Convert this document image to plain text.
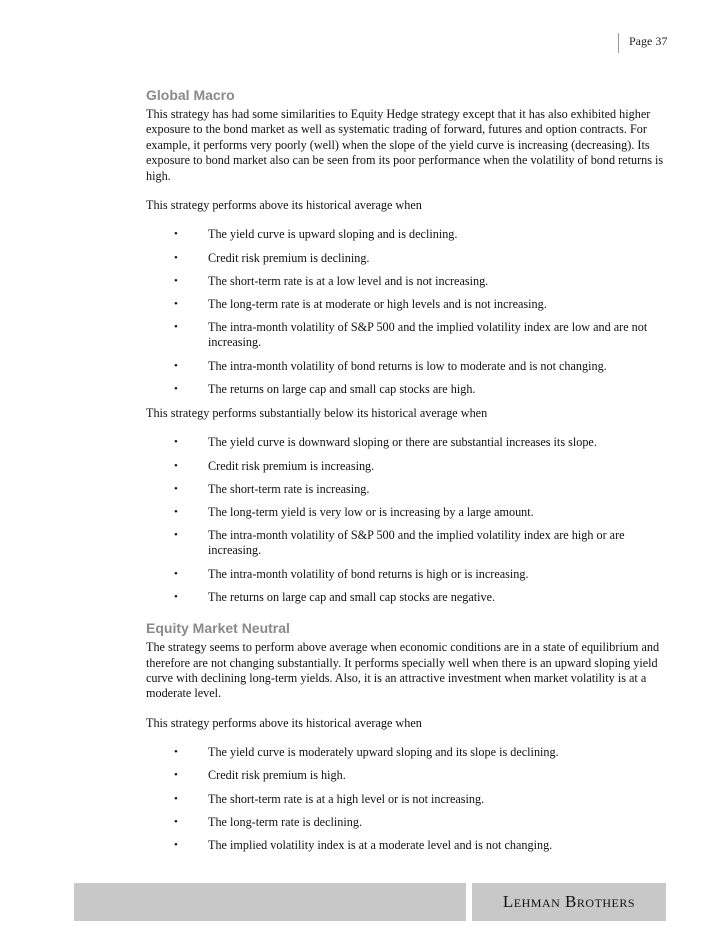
Page 37
Global Macro

This strategy has had some similarities to Equity Hedge strategy except that it has also exhibited higher exposure to the bond market as well as systematic trading of forward, futures and option contracts. For example, it performs very poorly (well) when the slope of the yield curve is increasing (decreasing). Its exposure to bond market also can be seen from its poor performance when the volatility of bond returns is high.

This strategy performs above its historical average when

• The yield curve is upward sloping and is declining.
• Credit risk premium is declining.
• The short-term rate is at a low level and is not increasing.
• The long-term rate is at moderate or high levels and is not increasing.
• The intra-month volatility of S&P 500 and the implied volatility index are low and are not increasing.
• The intra-month volatility of bond returns is low to moderate and is not changing.
• The returns on large cap and small cap stocks are high.

This strategy performs substantially below its historical average when

• The yield curve is downward sloping or there are substantial increases its slope.
• Credit risk premium is increasing.
• The short-term rate is increasing.
• The long-term yield is very low or is increasing by a large amount.
• The intra-month volatility of S&P 500 and the implied volatility index are high or are increasing.
• The intra-month volatility of bond returns is high or is increasing.
• The returns on large cap and small cap stocks are negative.
Equity Market Neutral

The strategy seems to perform above average when economic conditions are in a state of equilibrium and therefore are not changing substantially. It performs specially well when there is an upward sloping yield curve with declining long-term yields. Also, it is an attractive investment when market volatility is at a moderate level.

This strategy performs above its historical average when

• The yield curve is moderately upward sloping and its slope is declining.
• Credit risk premium is high.
• The short-term rate is at a high level or is not increasing.
• The long-term rate is declining.
• The implied volatility index is at a moderate level and is not changing.
Lehman Brothers
